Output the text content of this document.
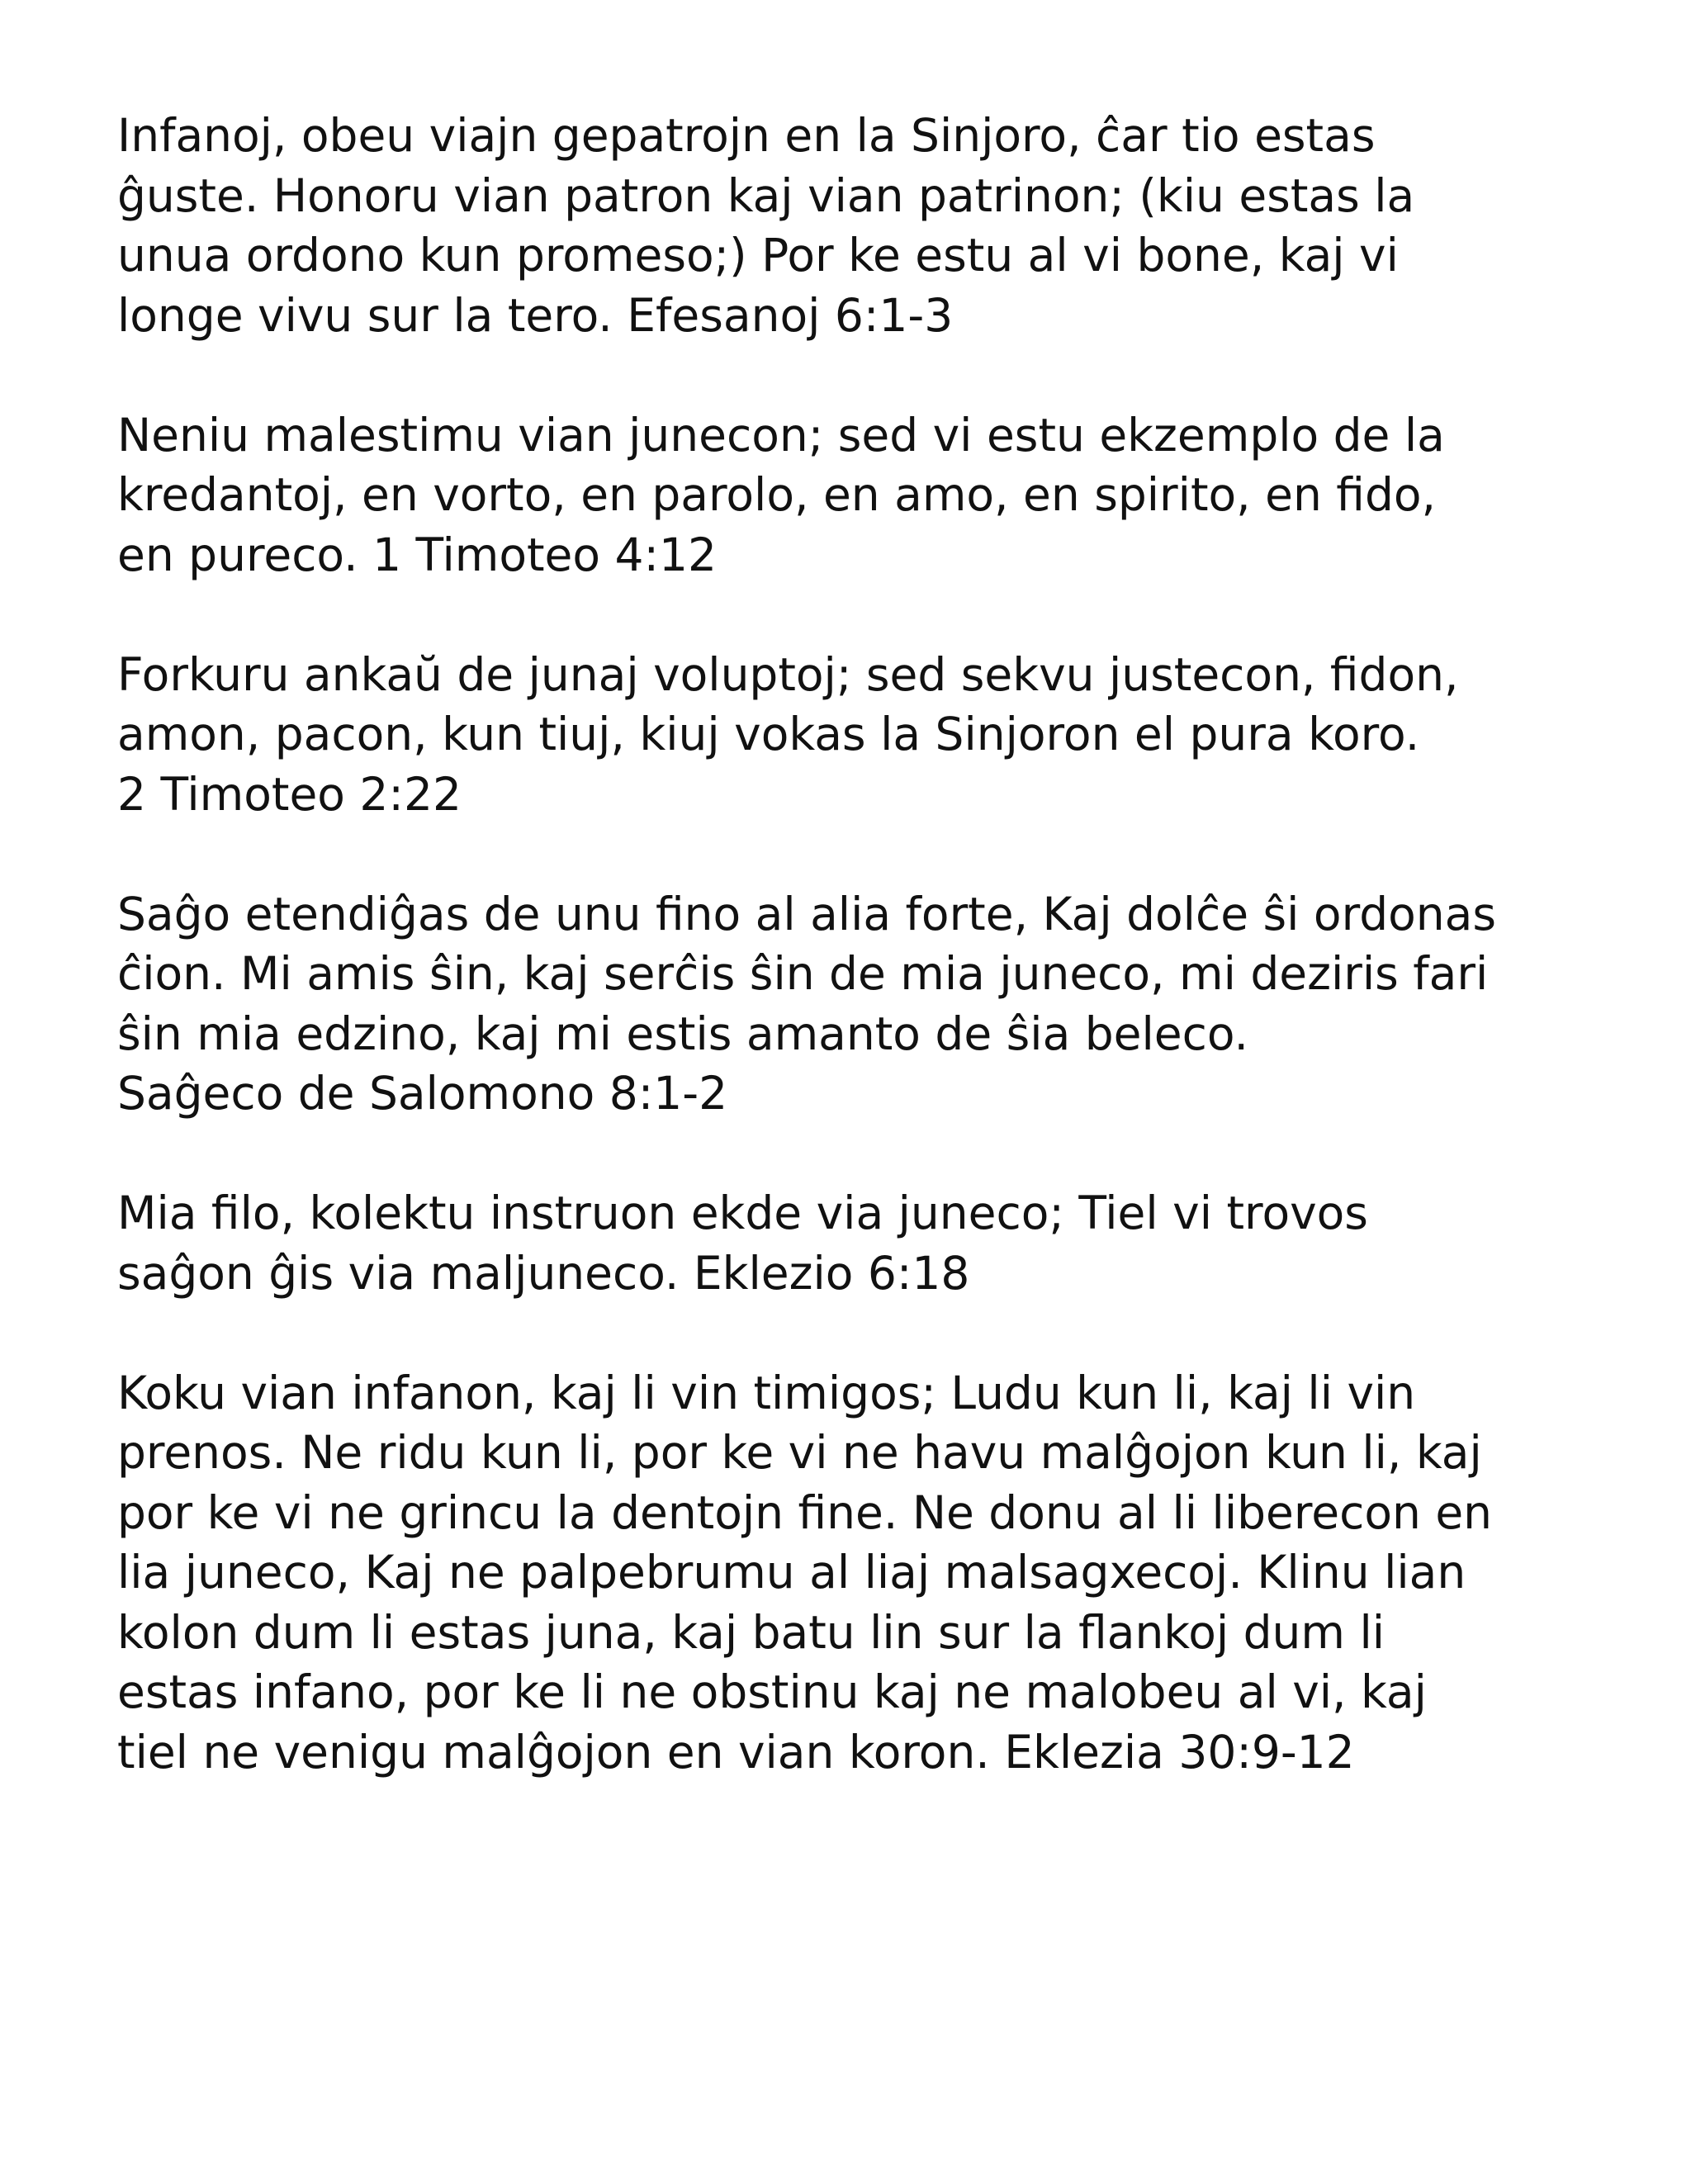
Infanoj, obeu viajn gepatrojn en la Sinjoro, ĉar tio estas
ĝuste. Honoru vian patron kaj vian patrinon; (kiu estas la
unua ordono kun promeso;) Por ke estu al vi bone, kaj vi
longe vivu sur la tero. Efesanoj 6:1-3

Neniu malestimu vian junecon; sed vi estu ekzemplo de la
kredantoj, en vorto, en parolo, en amo, en spirito, en fido,
en pureco. 1 Timoteo 4:12

Forkuru ankaŭ de junaj voluptoj; sed sekvu justecon, fidon,
amon, pacon, kun tiuj, kiuj vokas la Sinjoron el pura koro.
2 Timoteo 2:22

Saĝo etendiĝas de unu fino al alia forte, Kaj dolĉe ŝi ordonas
ĉion. Mi amis ŝin, kaj serĉis ŝin de mia juneco, mi deziris fari
ŝin mia edzino, kaj mi estis amanto de ŝia beleco.
Saĝeco de Salomono 8:1-2

Mia filo, kolektu instruon ekde via juneco; Tiel vi trovos
saĝon ĝis via maljuneco. Eklezio 6:18

Koku vian infanon, kaj li vin timigos; Ludu kun li, kaj li vin
prenos. Ne ridu kun li, por ke vi ne havu malĝojon kun li, kaj
por ke vi ne grincu la dentojn fine. Ne donu al li liberecon en
lia juneco, Kaj ne palpebrumu al liaj malsagxecoj. Klinu lian
kolon dum li estas juna, kaj batu lin sur la flankoj dum li
estas infano, por ke li ne obstinu kaj ne malobeu al vi, kaj
tiel ne venigu malĝojon en vian koron. Eklezia 30:9-12
